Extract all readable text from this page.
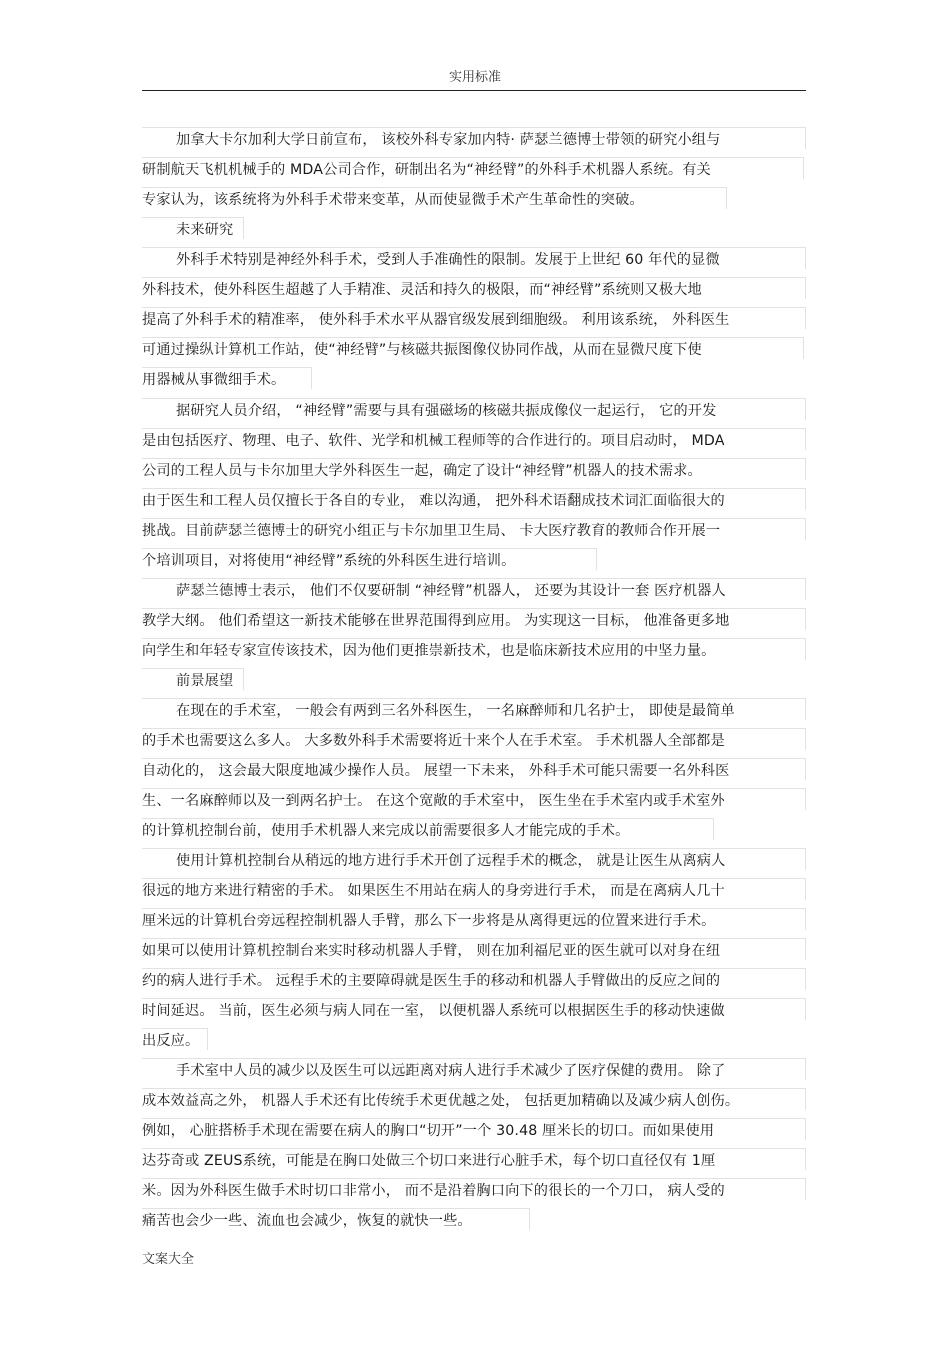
实用标准
加拿大卡尔加利大学日前宣布， 该校外科专家加内特· 萨瑟兰德博士带领的研究小组与
研制航天飞机机械手的 MDA公司合作，研制出名为“神经臂”的外科手术机器人系统。有关
专家认为，该系统将为外科手术带来变革，从而使显微手术产生革命性的突破。
未来研究
外科手术特别是神经外科手术，受到人手准确性的限制。发展于上世纪 60 年代的显微
外科技术，使外科医生超越了人手精准、灵活和持久的极限，而“神经臂”系统则又极大地
提高了外科手术的精准率， 使外科手术水平从器官级发展到细胞级。 利用该系统， 外科医生
可通过操纵计算机工作站，使“神经臂”与核磁共振图像仪协同作战，从而在显微尺度下使
用器械从事微细手术。
据研究人员介绍， “神经臂”需要与具有强磁场的核磁共振成像仪一起运行， 它的开发
是由包括医疗、物理、电子、软件、光学和机械工程师等的合作进行的。项目启动时， MDA
公司的工程人员与卡尔加里大学外科医生一起，确定了设计“神经臂”机器人的技术需求。
由于医生和工程人员仅擅长于各自的专业， 难以沟通， 把外科术语翻成技术词汇面临很大的
挑战。目前萨瑟兰德博士的研究小组正与卡尔加里卫生局、 卡大医疗教育的教师合作开展一
个培训项目，对将使用“神经臂”系统的外科医生进行培训。
萨瑟兰德博士表示， 他们不仅要研制 “神经臂”机器人， 还要为其设计一套 医疗机器人
教学大纲。 他们希望这一新技术能够在世界范围得到应用。 为实现这一目标， 他准备更多地
向学生和年轻专家宣传该技术，因为他们更推崇新技术，也是临床新技术应用的中坚力量。
前景展望
在现在的手术室， 一般会有两到三名外科医生， 一名麻醉师和几名护士， 即使是最简单
的手术也需要这么多人。 大多数外科手术需要将近十来个人在手术室。 手术机器人全部都是
自动化的， 这会最大限度地减少操作人员。 展望一下未来， 外科手术可能只需要一名外科医
生、一名麻醉师以及一到两名护士。 在这个宽敞的手术室中， 医生坐在手术室内或手术室外
的计算机控制台前，使用手术机器人来完成以前需要很多人才能完成的手术。
使用计算机控制台从稍远的地方进行手术开创了远程手术的概念， 就是让医生从离病人
很远的地方来进行精密的手术。 如果医生不用站在病人的身旁进行手术， 而是在离病人几十
厘米远的计算机台旁远程控制机器人手臂，那么下一步将是从离得更远的位置来进行手术。
如果可以使用计算机控制台来实时移动机器人手臂， 则在加利福尼亚的医生就可以对身在纽
约的病人进行手术。 远程手术的主要障碍就是医生手的移动和机器人手臂做出的反应之间的
时间延迟。 当前，医生必须与病人同在一室， 以便机器人系统可以根据医生手的移动快速做
出反应。
手术室中人员的减少以及医生可以远距离对病人进行手术减少了医疗保健的费用。 除了
成本效益高之外， 机器人手术还有比传统手术更优越之处， 包括更加精确以及减少病人创伤。
例如， 心脏搭桥手术现在需要在病人的胸口“切开”一个 30.48 厘米长的切口。而如果使用
达芬奇或 ZEUS系统，可能是在胸口处做三个切口来进行心脏手术，每个切口直径仅有 1厘
米。因为外科医生做手术时切口非常小， 而不是沿着胸口向下的很长的一个刀口， 病人受的
痛苦也会少一些、流血也会减少，恢复的就快一些。
文案大全
